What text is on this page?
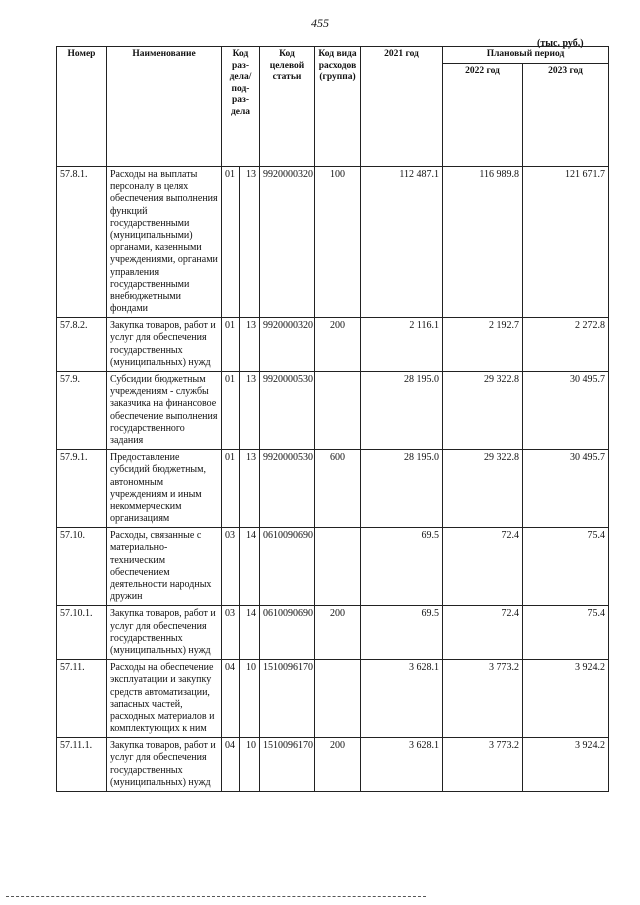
455
(тыс. руб.)
Номер	Наименование	Код раз-дела/ под-раз-дела		Код целевой статьи	Код вида расходов (группа)	2021 год	Плановый период	
							2022 год	2023 год
57.8.1.	Расходы на выплаты персоналу в целях обеспечения выполнения функций государственными (муниципальными) органами, казенными учреждениями, органами управления государственными внебюджетными фондами	01	13	9920000320	100	112 487.1	116 989.8	121 671.7
57.8.2.	Закупка товаров, работ и услуг для обеспечения государственных (муниципальных) нужд	01	13	9920000320	200	2 116.1	2 192.7	2 272.8
57.9.	Субсидии бюджетным учреждениям - службы заказчика на финансовое обеспечение выполнения государственного задания	01	13	9920000530		28 195.0	29 322.8	30 495.7
57.9.1.	Предоставление субсидий бюджетным, автономным учреждениям и иным некоммерческим организациям	01	13	9920000530	600	28 195.0	29 322.8	30 495.7
57.10.	Расходы, связанные с материально-техническим обеспечением деятельности народных дружин	03	14	0610090690		69.5	72.4	75.4
57.10.1.	Закупка товаров, работ и услуг для обеспечения государственных (муниципальных) нужд	03	14	0610090690	200	69.5	72.4	75.4
57.11.	Расходы на обеспечение эксплуатации и закупку средств автоматизации, запасных частей, расходных материалов и комплектующих к ним	04	10	1510096170		3 628.1	3 773.2	3 924.2
57.11.1.	Закупка товаров, работ и услуг для обеспечения государственных (муниципальных) нужд	04	10	1510096170	200	3 628.1	3 773.2	3 924.2
